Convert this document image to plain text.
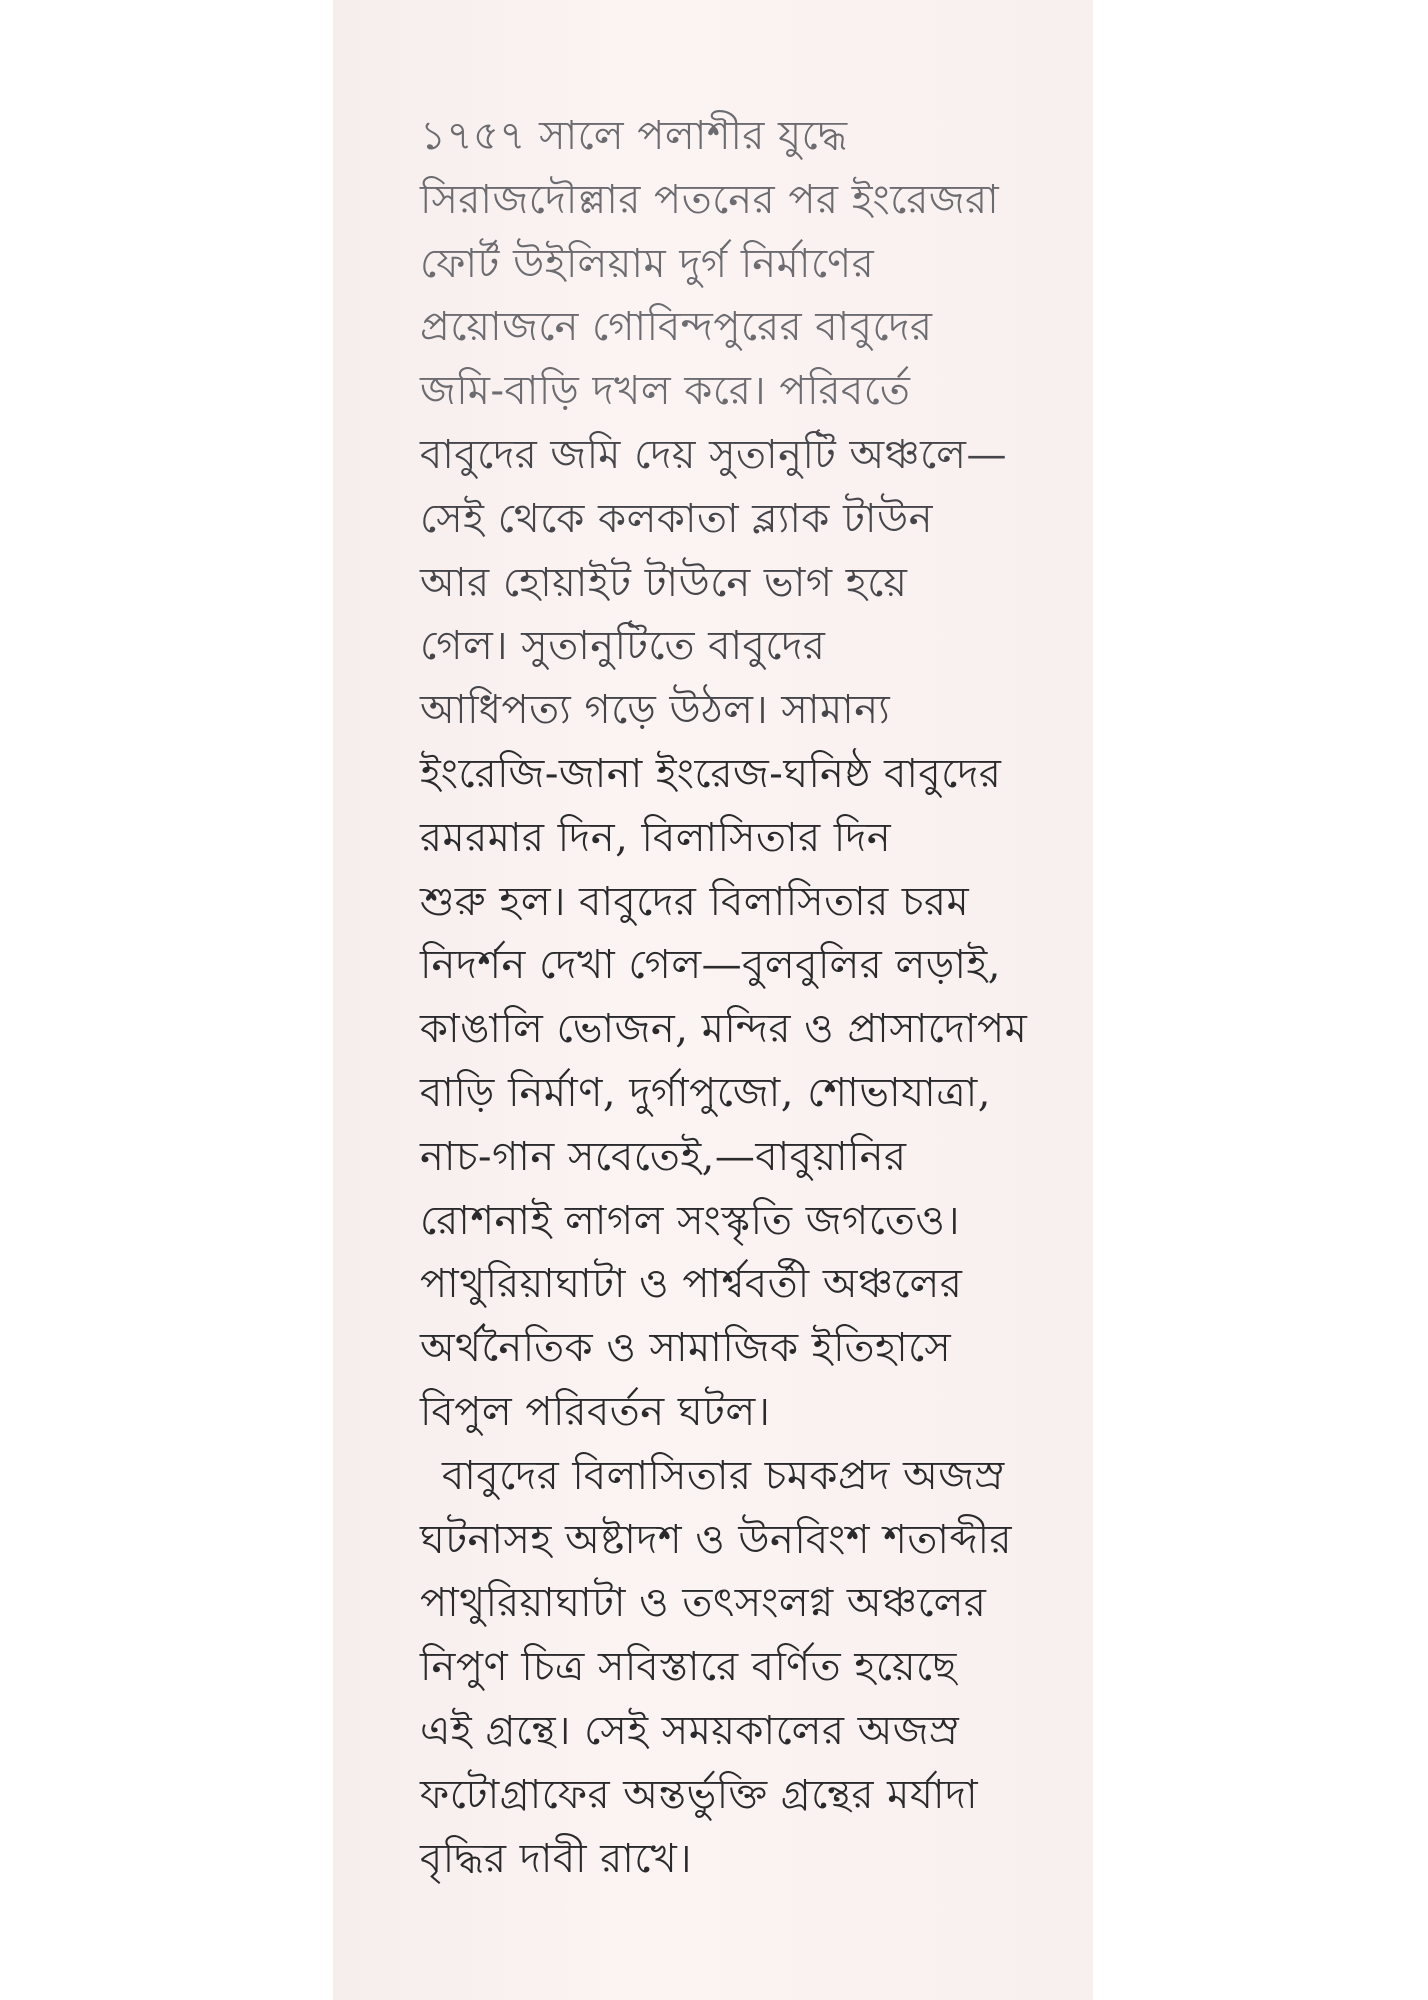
১৭৫৭ সালে পলাশীর যুদ্ধে
সিরাজদৌল্লার পতনের পর ইংরেজরা
ফোর্ট উইলিয়াম দুর্গ নির্মাণের
প্রয়োজনে গোবিন্দপুরের বাবুদের
জমি-বাড়ি দখল করে। পরিবর্তে
বাবুদের জমি দেয় সুতানুটি অঞ্চলে—
সেই থেকে কলকাতা ব্ল্যাক টাউন
আর হোয়াইট টাউনে ভাগ হয়ে
গেল। সুতানুটিতে বাবুদের
আধিপত্য গড়ে উঠল। সামান্য
ইংরেজি-জানা ইংরেজ-ঘনিষ্ঠ বাবুদের
রমরমার দিন, বিলাসিতার দিন
শুরু হল। বাবুদের বিলাসিতার চরম
নিদর্শন দেখা গেল—বুলবুলির লড়াই,
কাঙালি ভোজন, মন্দির ও প্রাসাদোপম
বাড়ি নির্মাণ, দুর্গাপুজো, শোভাযাত্রা,
নাচ-গান সবেতেই,—বাবুয়ানির
রোশনাই লাগল সংস্কৃতি জগতেও।
পাথুরিয়াঘাটা ও পার্শ্ববর্তী অঞ্চলের
অর্থনৈতিক ও সামাজিক ইতিহাসে
বিপুল পরিবর্তন ঘটল।
বাবুদের বিলাসিতার চমকপ্রদ অজস্র
ঘটনাসহ অষ্টাদশ ও উনবিংশ শতাব্দীর
পাথুরিয়াঘাটা ও তৎসংলগ্ন অঞ্চলের
নিপুণ চিত্র সবিস্তারে বর্ণিত হয়েছে
এই গ্রন্থে। সেই সময়কালের অজস্র
ফটোগ্রাফের অন্তর্ভুক্তি গ্রন্থের মর্যাদা
বৃদ্ধির দাবী রাখে।
